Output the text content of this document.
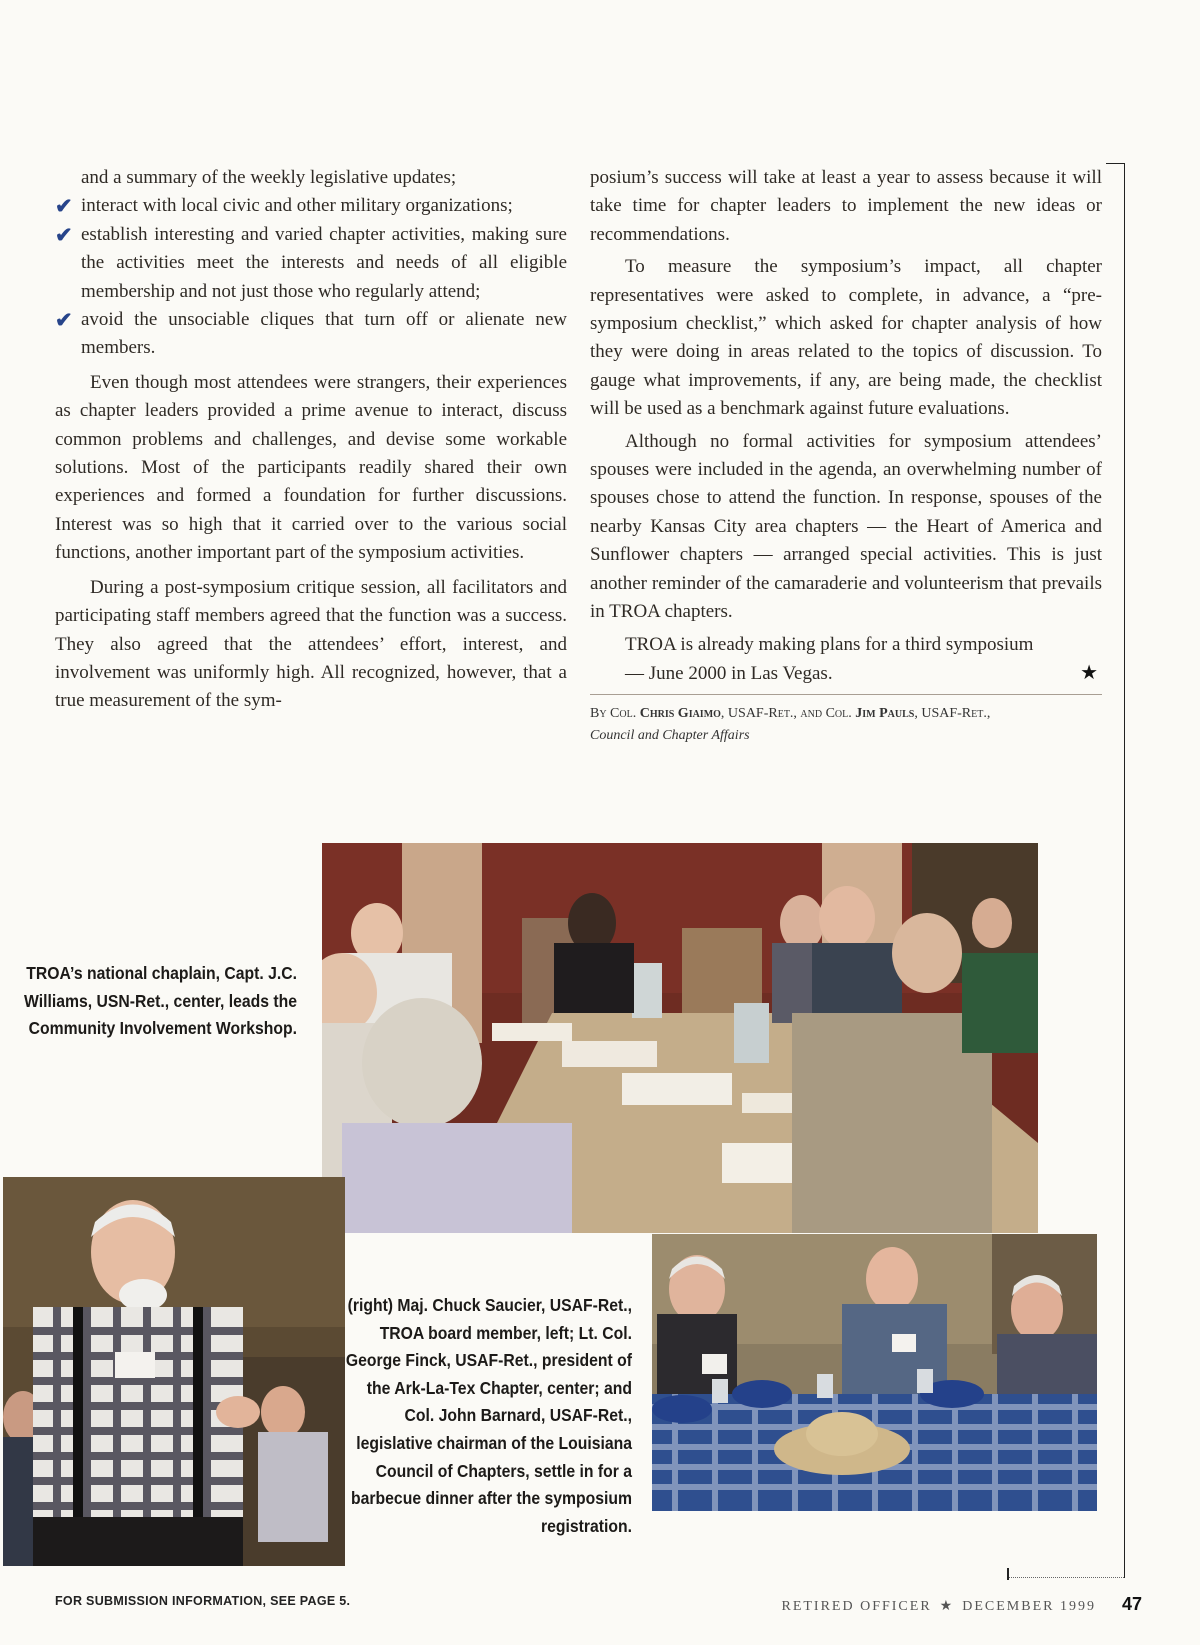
and a summary of the weekly legislative updates;

✔ interact with local civic and other military organizations;
✔ establish interesting and varied chapter activities, making sure the activities meet the interests and needs of all eligible membership and not just those who regularly attend;
✔ avoid the unsociable cliques that turn off or alienate new members.

Even though most attendees were strangers, their experiences as chapter leaders provided a prime avenue to interact, discuss common problems and challenges, and devise some workable solutions. Most of the participants readily shared their own experiences and formed a foundation for further discussions. Interest was so high that it carried over to the various social functions, another important part of the symposium activities.

During a post-symposium critique session, all facilitators and participating staff members agreed that the function was a success. They also agreed that the attendees’ effort, interest, and involvement was uniformly high. All recognized, however, that a true measurement of the sym-

posium’s success will take at least a year to assess because it will take time for chapter leaders to implement the new ideas or recommendations.

To measure the symposium’s impact, all chapter representatives were asked to complete, in advance, a “pre-symposium checklist,” which asked for chapter analysis of how they were doing in areas related to the topics of discussion. To gauge what improvements, if any, are being made, the checklist will be used as a benchmark against future evaluations.

Although no formal activities for symposium attendees’ spouses were included in the agenda, an overwhelming number of spouses chose to attend the function. In response, spouses of the nearby Kansas City area chapters — the Heart of America and Sunflower chapters — arranged special activities. This is just another reminder of the camaraderie and volunteerism that prevails in TROA chapters.

TROA is already making plans for a third symposium

— June 2000 in Las Vegas.	★

By Col. Chris Giaimo, USAF-Ret., and Col. Jim Pauls, USAF-Ret.,
Council and Chapter Affairs
TROA’s national chaplain, Capt. J.C. Williams, USN-Ret., center, leads the Community Involvement Workshop.
(right) Maj. Chuck Saucier, USAF-Ret., TROA board member, left; Lt. Col. George Finck, USAF-Ret., president of the Ark-La-Tex Chapter, center; and Col. John Barnard, USAF-Ret., legislative chairman of the Louisiana Council of Chapters, settle in for a barbecue dinner after the symposium registration.
FOR SUBMISSION INFORMATION, SEE PAGE 5.	RETIRED OFFICER ★ DECEMBER 1999 47
